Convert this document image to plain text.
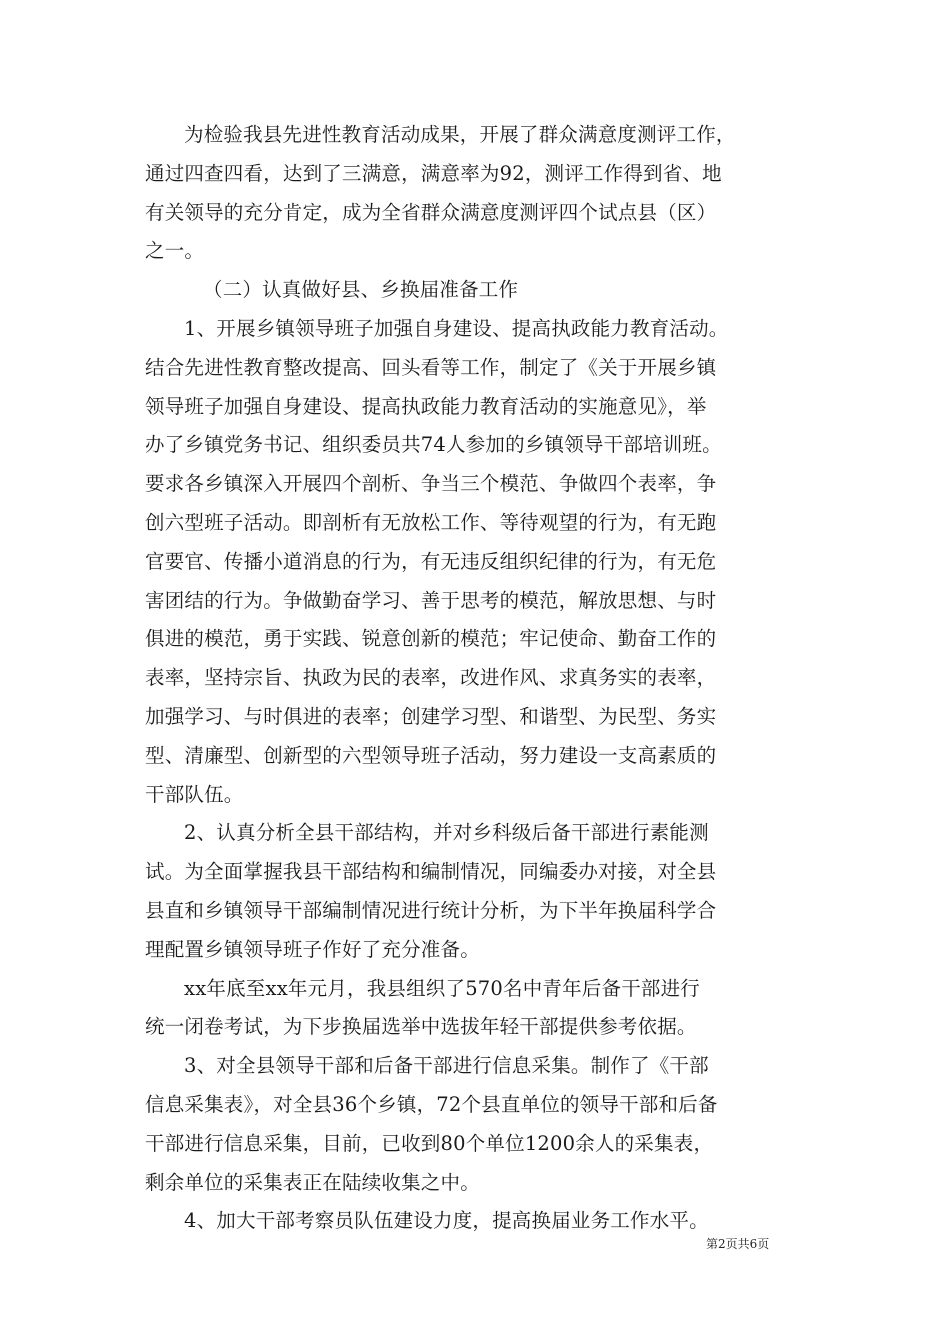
为检验我县先进性教育活动成果，开展了群众满意度测评工作，
通过四查四看，达到了三满意，满意率为92，测评工作得到省、地
有关领导的充分肯定，成为全省群众满意度测评四个试点县（区）
之一。
（二）认真做好县、乡换届准备工作
1、开展乡镇领导班子加强自身建设、提高执政能力教育活动。
结合先进性教育整改提高、回头看等工作，制定了《关于开展乡镇
领导班子加强自身建设、提高执政能力教育活动的实施意见》，举
办了乡镇党务书记、组织委员共74人参加的乡镇领导干部培训班。
要求各乡镇深入开展四个剖析、争当三个模范、争做四个表率，争
创六型班子活动。即剖析有无放松工作、等待观望的行为，有无跑
官要官、传播小道消息的行为，有无违反组织纪律的行为，有无危
害团结的行为。争做勤奋学习、善于思考的模范，解放思想、与时
俱进的模范，勇于实践、锐意创新的模范；牢记使命、勤奋工作的
表率，坚持宗旨、执政为民的表率，改进作风、求真务实的表率，
加强学习、与时俱进的表率；创建学习型、和谐型、为民型、务实
型、清廉型、创新型的六型领导班子活动，努力建设一支高素质的
干部队伍。
2、认真分析全县干部结构，并对乡科级后备干部进行素能测
试。为全面掌握我县干部结构和编制情况，同编委办对接，对全县
县直和乡镇领导干部编制情况进行统计分析，为下半年换届科学合
理配置乡镇领导班子作好了充分准备。
xx年底至xx年元月，我县组织了570名中青年后备干部进行
统一闭卷考试，为下步换届选举中选拔年轻干部提供参考依据。
3、对全县领导干部和后备干部进行信息采集。制作了《干部
信息采集表》，对全县36个乡镇，72个县直单位的领导干部和后备
干部进行信息采集，目前，已收到80个单位1200余人的采集表，
剩余单位的采集表正在陆续收集之中。
4、加大干部考察员队伍建设力度，提高换届业务工作水平。
第2页共6页
